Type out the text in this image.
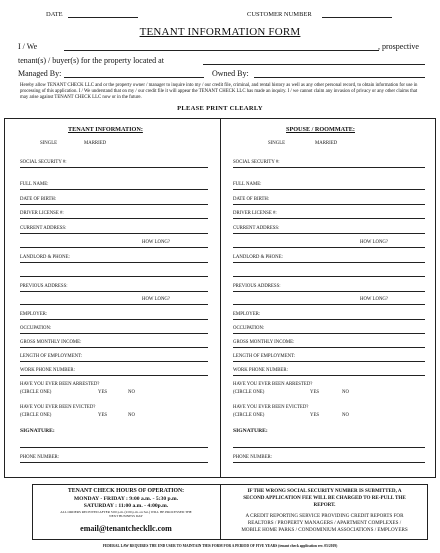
DATE	CUSTOMER NUMBER
TENANT INFORMATION FORM
I / We	, prospective
tenant(s) / buyer(s) for the property located at
Managed By:	Owned By:
Hereby allow TENANT CHECK LLC and or the property owner / manager to inquire into my / our credit file, criminal, and rental history as well as any other personal record, to obtain information for use in processing of this application. I / We understand that on my / our credit file it will appear the TENANT CHECK LLC has made an inquiry. I / we cannot claim any invasion of privacy or any other claims that may arise against TENANT CHECK LLC now or in the future.
PLEASE PRINT CLEARLY
TENANT INFORMATION:
SINGLE	MARRIED
SOCIAL SECURITY #:
FULL NAME:
DATE OF BIRTH:
DRIVER LICENSE #:
CURRENT ADDRESS:
HOW LONG?
LANDLORD & PHONE:
PREVIOUS ADDRESS:
HOW LONG?
EMPLOYER:
OCCUPATION:
GROSS MONTHLY INCOME:
LENGTH OF EMPLOYMENT:
WORK PHONE NUMBER:
HAVE YOU EVER BEEN ARRESTED?
(CIRCLE ONE)	YES	NO
HAVE YOU EVER BEEN EVICTED?
(CIRCLE ONE)	YES	NO
SIGNATURE:
PHONE NUMBER:
SPOUSE / ROOMMATE:
SINGLE	MARRIED
SOCIAL SECURITY #:
FULL NAME:
DATE OF BIRTH:
DRIVER LICENSE #:
CURRENT ADDRESS:
HOW LONG?
LANDLORD & PHONE:
PREVIOUS ADDRESS:
HOW LONG?
EMPLOYER:
OCCUPATION:
GROSS MONTHLY INCOME:
LENGTH OF EMPLOYMENT:
WORK PHONE NUMBER:
HAVE YOU EVER BEEN ARRESTED?
(CIRCLE ONE)	YES	NO
HAVE YOU EVER BEEN EVICTED?
(CIRCLE ONE)	YES	NO
SIGNATURE:
PHONE NUMBER:
TENANT CHECK HOURS OF OPERATION:
MONDAY - FRIDAY : 9:00 a.m. - 5:30 p.m.
SATURDAY : 11:00 a.m. - 4:00p.m.
ALL ORDERS RECEIVED AFTER 5:00 p.m. (2:00 p.m. on Sat.) WILL BE PROCESSED THE
NEXT BUSINESS DAY
email@tenantcheckllc.com
IF THE WRONG SOCIAL SECURITY NUMBER IS SUBMITTED, A
SECOND APPLICATION FEE WILL BE CHARGED TO RE-PULL THE
REPORT.
A CREDIT REPORTING SERVICE PROVIDING CREDIT REPORTS FOR
REALTORS / PROPERTY MANAGERS / APARTMENT COMPLEXES /
MOBILE HOME PARKS / CONDOMINIUM ASSOCIATIONS / EMPLOYERS
FEDERAL LAW REQUIRES THE END USER TO MAINTAIN THIS FORM FOR A PERIOD OF FIVE YEARS (tenant check application rev. 05/2019)
